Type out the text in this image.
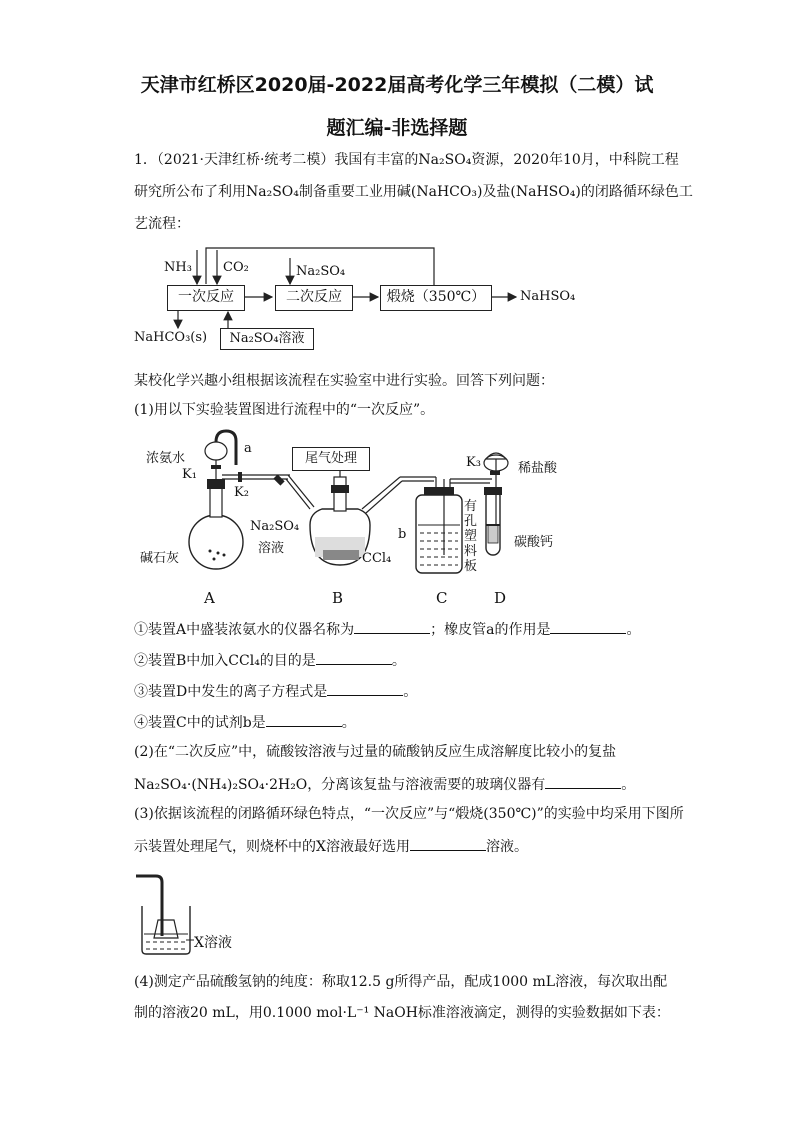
天津市红桥区2020届-2022届高考化学三年模拟（二模）试
题汇编-非选择题
1．（2021·天津红桥·统考二模）我国有丰富的Na₂SO₄资源，2020年10月，中科院工程
研究所公布了利用Na₂SO₄制备重要工业用碱(NaHCO₃)及盐(NaHSO₄)的闭路循环绿色工
艺流程：
NH₃ CO₂	Na₂SO₄
一次反应	二次反应	煅烧（350℃）	NaHSO₄
NaHCO₃(s)	Na₂SO₄溶液
某校化学兴趣小组根据该流程在实验室中进行实验。回答下列问题：
(1)用以下实验装置图进行流程中的“一次反应”。
浓氨水
a
K₁
K₂
碱石灰
尾气处理
Na₂SO₄
溶液
CCl₄
b
K₃	稀盐酸
有
孔
塑
料
板
碳酸钙
A	B	C	D
①装置A中盛装浓氨水的仪器名称为	；橡皮管a的作用是	。
②装置B中加入CCl₄的目的是	。
③装置D中发生的离子方程式是	。
④装置C中的试剂b是	。
(2)在“二次反应”中，硫酸铵溶液与过量的硫酸钠反应生成溶解度比较小的复盐
Na₂SO₄·(NH₄)₂SO₄·2H₂O，分离该复盐与溶液需要的玻璃仪器有	。
(3)依据该流程的闭路循环绿色特点，“一次反应”与“煅烧(350℃)”的实验中均采用下图所
示装置处理尾气，则烧杯中的X溶液最好选用	溶液。
X溶液
(4)测定产品硫酸氢钠的纯度：称取12.5 g所得产品，配成1000 mL溶液，每次取出配
制的溶液20 mL，用0.1000 mol·L⁻¹ NaOH标准溶液滴定，测得的实验数据如下表：
